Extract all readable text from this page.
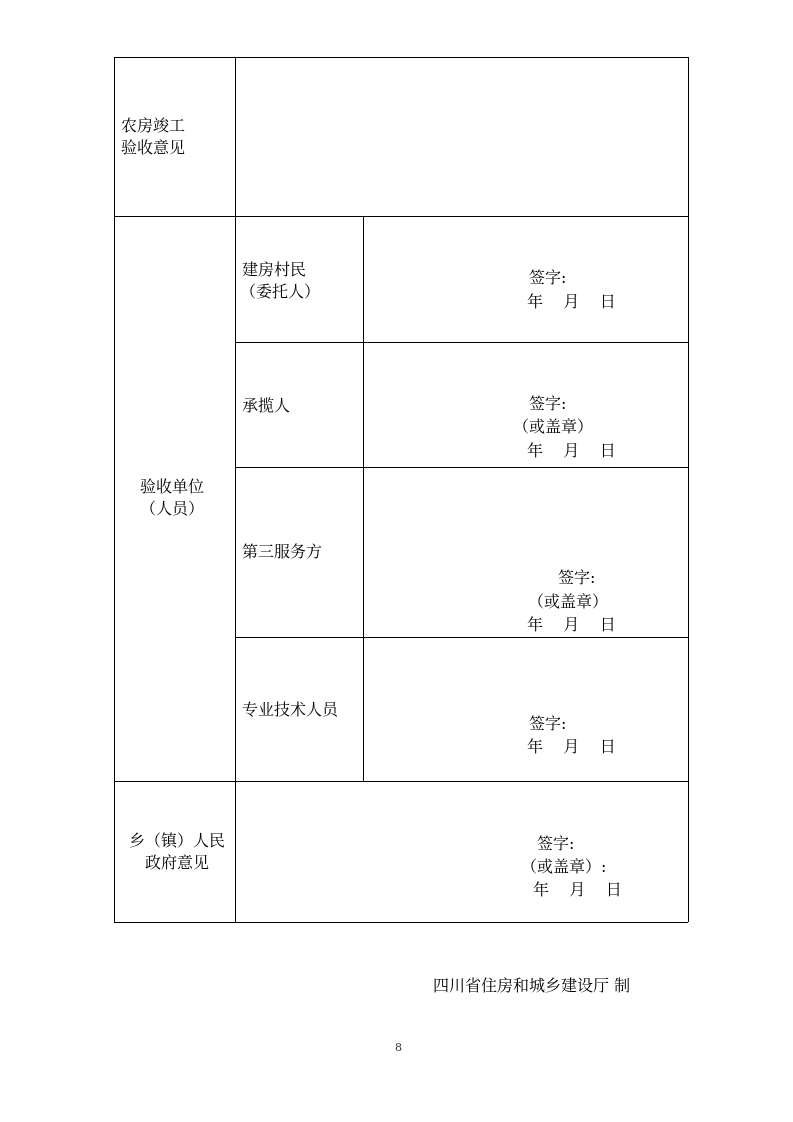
农房竣工
验收意见
验收单位
（人员）
建房村民
（委托人）
签字:
年    月    日
承揽人	签字:
（或盖章）
年    月    日
第三服务方
签字:
（或盖章）
年    月    日
专业技术人员
签字:
年    月    日
乡（镇）人民
政府意见
签字:
（或盖章）:
年    月    日
四川省住房和城乡建设厅 制
8
